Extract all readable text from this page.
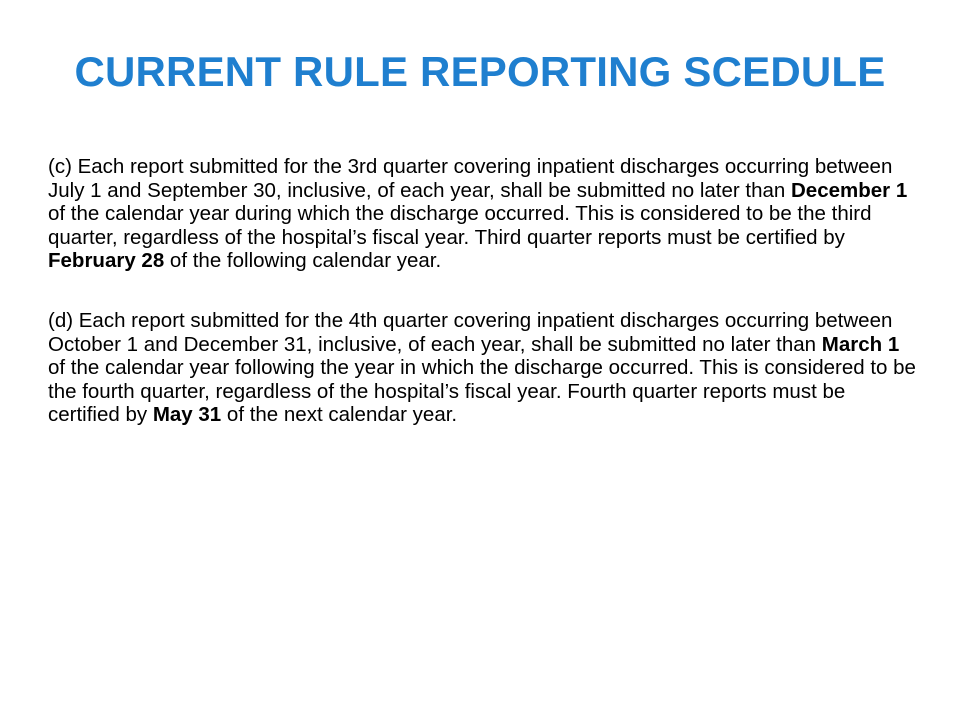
CURRENT RULE REPORTING SCEDULE

(c) Each report submitted for the 3rd quarter covering inpatient discharges occurring between July 1 and September 30, inclusive, of each year, shall be submitted no later than December 1 of the calendar year during which the discharge occurred. This is considered to be the third quarter, regardless of the hospital’s fiscal year. Third quarter reports must be certified by February 28 of the following calendar year.

(d) Each report submitted for the 4th quarter covering inpatient discharges occurring between October 1 and December 31, inclusive, of each year, shall be submitted no later than March 1 of the calendar year following the year in which the discharge occurred. This is considered to be the fourth quarter, regardless of the hospital’s fiscal year. Fourth quarter reports must be certified by May 31 of the next calendar year.
